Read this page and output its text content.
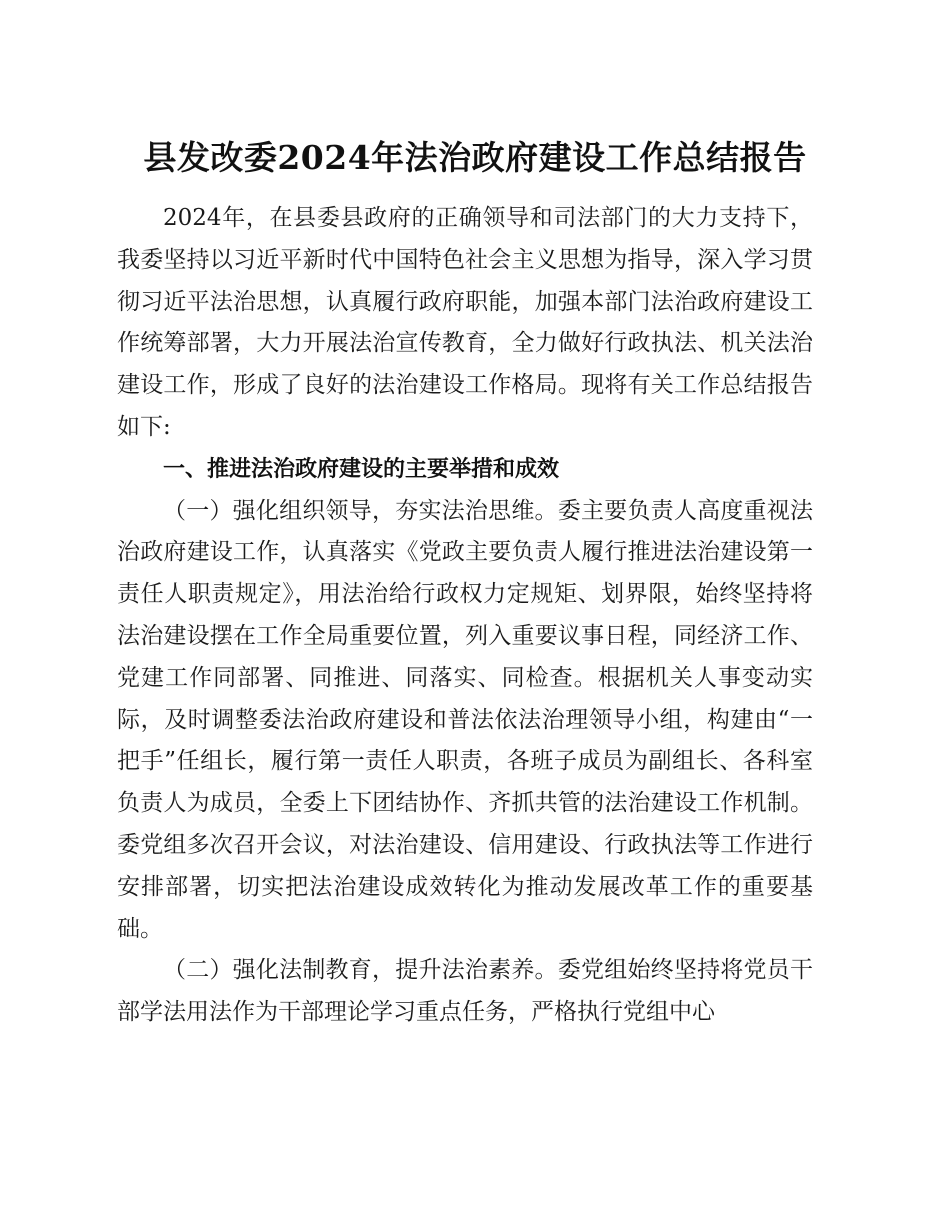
县发改委2024年法治政府建设工作总结报告

2024年，在县委县政府的正确领导和司法部门的大力支持下，我委坚持以习近平新时代中国特色社会主义思想为指导，深入学习贯彻习近平法治思想，认真履行政府职能，加强本部门法治政府建设工作统筹部署，大力开展法治宣传教育，全力做好行政执法、机关法治建设工作，形成了良好的法治建设工作格局。现将有关工作总结报告如下:

一、推进法治政府建设的主要举措和成效

（一）强化组织领导，夯实法治思维。委主要负责人高度重视法治政府建设工作，认真落实《党政主要负责人履行推进法治建设第一责任人职责规定》，用法治给行政权力定规矩、划界限，始终坚持将法治建设摆在工作全局重要位置，列入重要议事日程，同经济工作、党建工作同部署、同推进、同落实、同检查。根据机关人事变动实际，及时调整委法治政府建设和普法依法治理领导小组，构建由“一把手”任组长，履行第一责任人职责，各班子成员为副组长、各科室负责人为成员，全委上下团结协作、齐抓共管的法治建设工作机制。委党组多次召开会议，对法治建设、信用建设、行政执法等工作进行安排部署，切实把法治建设成效转化为推动发展改革工作的重要基础。

（二）强化法制教育，提升法治素养。委党组始终坚持将党员干部学法用法作为干部理论学习重点任务，严格执行党组中心
